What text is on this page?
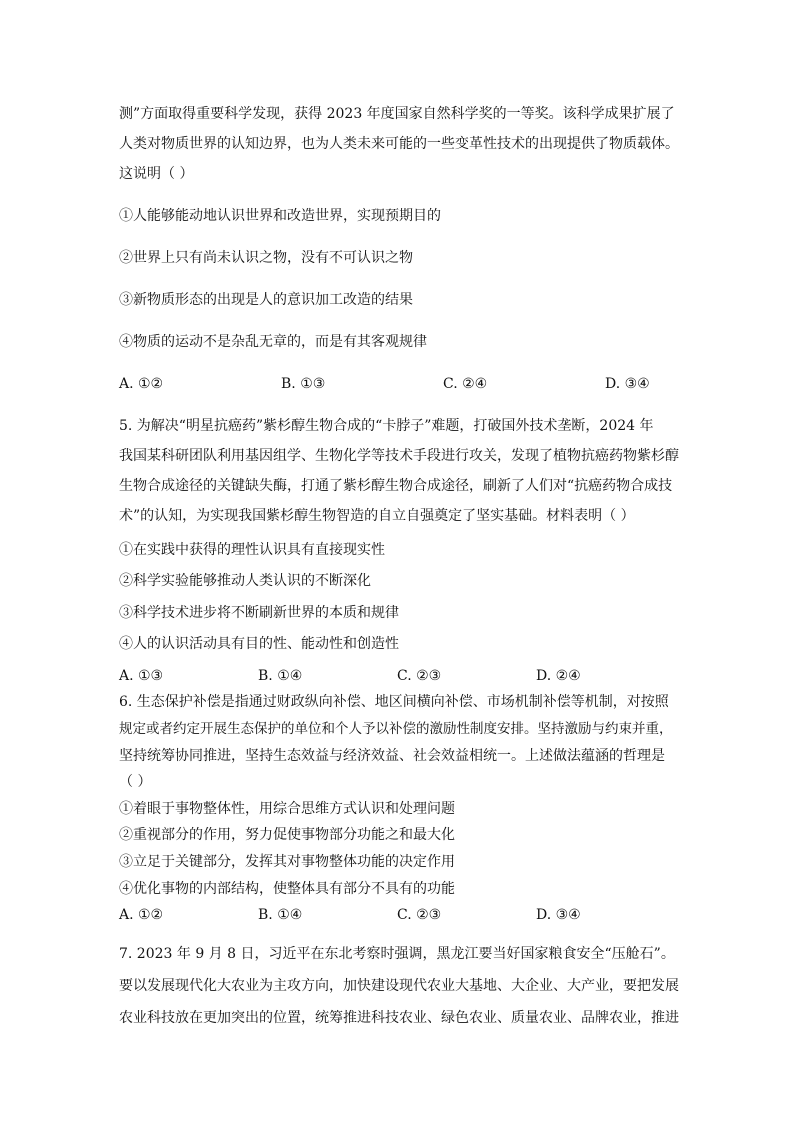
测”方面取得重要科学发现，获得 2023 年度国家自然科学奖的一等奖。该科学成果扩展了
人类对物质世界的认知边界，也为人类未来可能的一些变革性技术的出现提供了物质载体。
这说明（ ）
①人能够能动地认识世界和改造世界，实现预期目的
②世界上只有尚未认识之物，没有不可认识之物
③新物质形态的出现是人的意识加工改造的结果
④物质的运动不是杂乱无章的，而是有其客观规律
A. ①②	B. ①③	C. ②④	D. ③④
5. 为解决“明星抗癌药”紫杉醇生物合成的“卡脖子”难题，打破国外技术垄断，2024 年
我国某科研团队利用基因组学、生物化学等技术手段进行攻关，发现了植物抗癌药物紫杉醇
生物合成途径的关键缺失酶，打通了紫杉醇生物合成途径，刷新了人们对“抗癌药物合成技
术”的认知，为实现我国紫杉醇生物智造的自立自强奠定了坚实基础。材料表明（ ）
①在实践中获得的理性认识具有直接现实性
②科学实验能够推动人类认识的不断深化
③科学技术进步将不断刷新世界的本质和规律
④人的认识活动具有目的性、能动性和创造性
A. ①③	B. ①④	C. ②③	D. ②④
6. 生态保护补偿是指通过财政纵向补偿、地区间横向补偿、市场机制补偿等机制，对按照
规定或者约定开展生态保护的单位和个人予以补偿的激励性制度安排。坚持激励与约束并重，
坚持统筹协同推进，坚持生态效益与经济效益、社会效益相统一。上述做法蕴涵的哲理是
（ ）
①着眼于事物整体性，用综合思维方式认识和处理问题
②重视部分的作用，努力促使事物部分功能之和最大化
③立足于关键部分，发挥其对事物整体功能的决定作用
④优化事物的内部结构，使整体具有部分不具有的功能
A. ①②	B. ①④	C. ②③	D. ③④
7. 2023 年 9 月 8 日，习近平在东北考察时强调，黑龙江要当好国家粮食安全“压舱石”。
要以发展现代化大农业为主攻方向，加快建设现代农业大基地、大企业、大产业，要把发展
农业科技放在更加突出的位置，统筹推进科技农业、绿色农业、质量农业、品牌农业，推进
